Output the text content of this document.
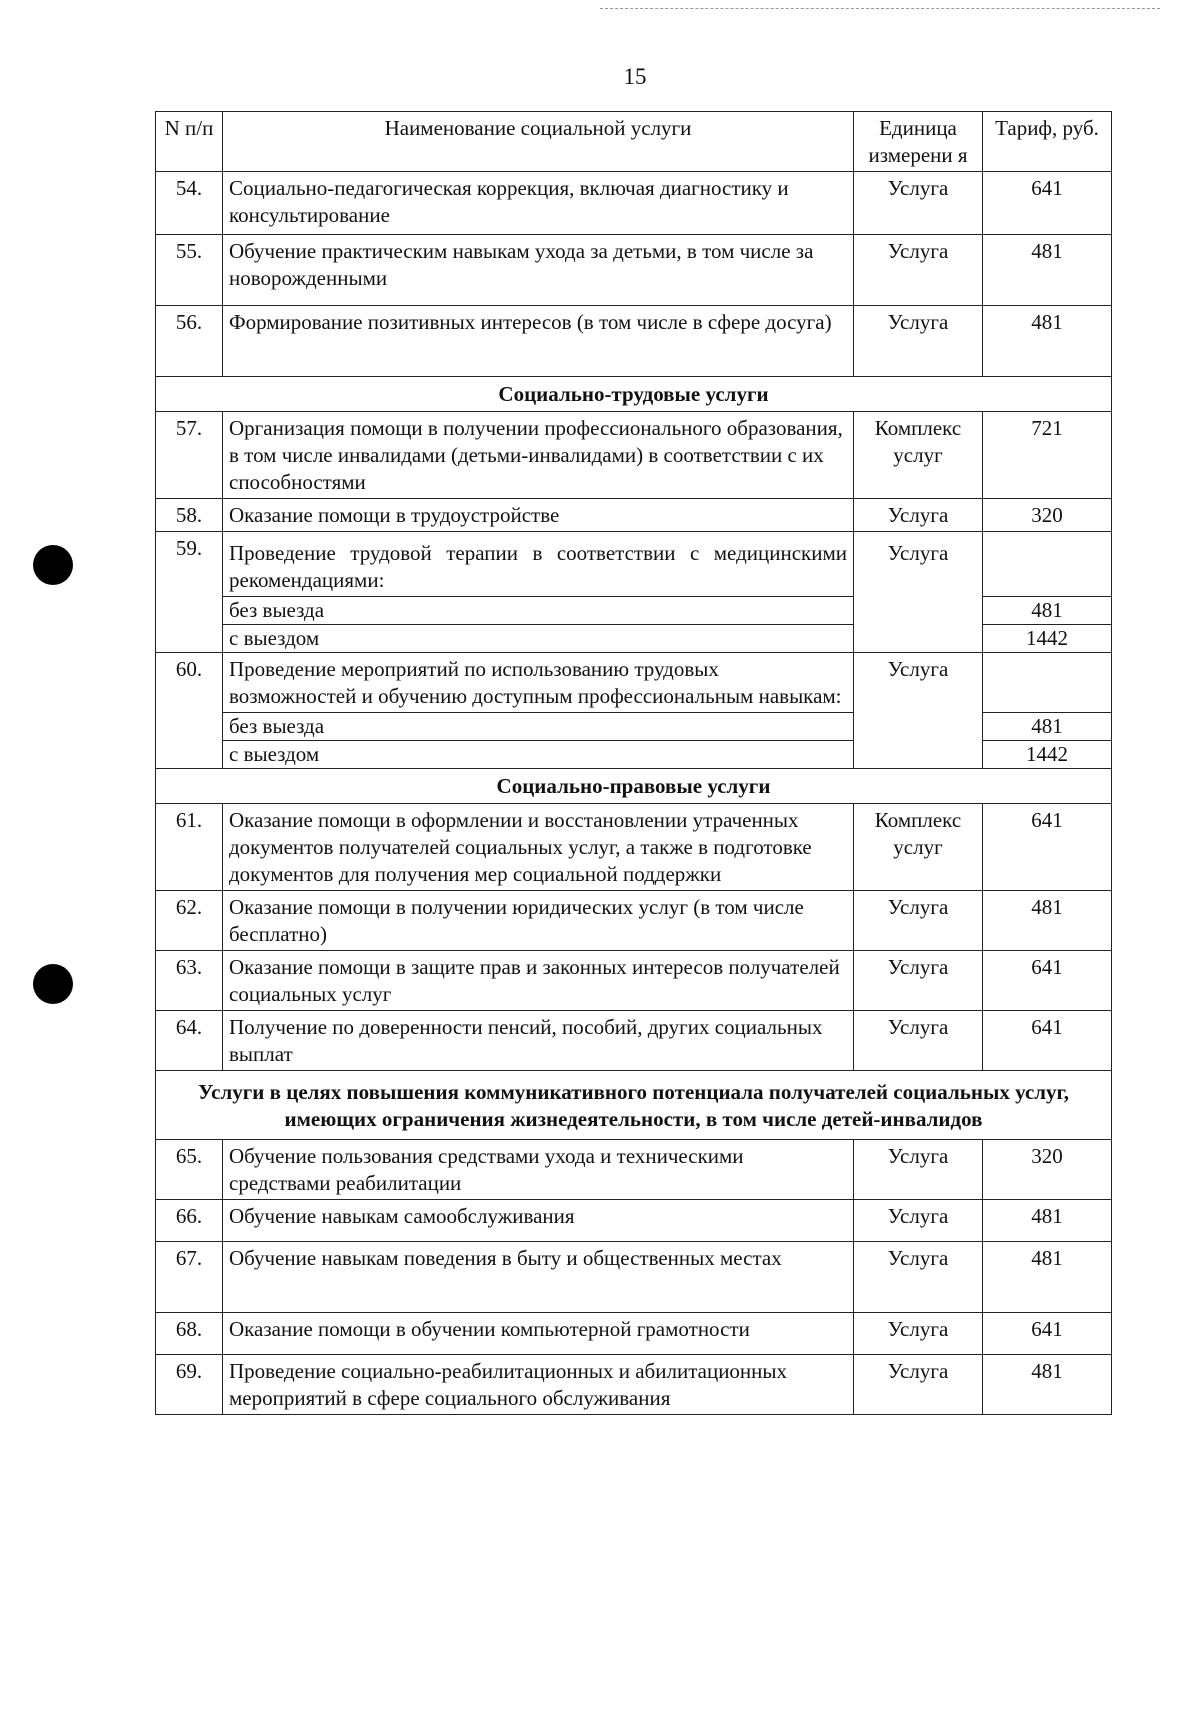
15
N п/п	Наименование социальной услуги	Единица измерени я	Тариф, руб.
54.	Социально-педагогическая коррекция, включая диагностику и консультирование	Услуга	641
55.	Обучение практическим навыкам ухода за детьми, в том числе за новорожденными	Услуга	481
56.	Формирование позитивных интересов (в том числе в сфере досуга)	Услуга	481
Социально-трудовые услуги			
57.	Организация помощи в получении профессионального образования, в том числе инвалидами (детьми-инвалидами) в соответствии с их способностями	Комплекс услуг	721
58.	Оказание помощи в трудоустройстве	Услуга	320
59.	Проведение трудовой терапии в соответствии с медицинскими рекомендациями:	Услуга	
	без выезда		481
	с выездом		1442
60.	Проведение мероприятий по использованию трудовых возможностей и обучению доступным профессиональным навыкам:	Услуга	
	без выезда		481
	с выездом		1442
Социально-правовые услуги			
61.	Оказание помощи в оформлении и восстановлении утраченных документов получателей социальных услуг, а также в подготовке документов для получения мер социальной поддержки	Комплекс услуг	641
62.	Оказание помощи в получении юридических услуг (в том числе бесплатно)	Услуга	481
63.	Оказание помощи в защите прав и законных интересов получателей социальных услуг	Услуга	641
64.	Получение по доверенности пенсий, пособий, других социальных выплат	Услуга	641
Услуги в целях повышения коммуникативного потенциала получателей социальных услуг, имеющих ограничения жизнедеятельности, в том числе детей-инвалидов			
65.	Обучение пользования средствами ухода и техническими средствами реабилитации	Услуга	320
66.	Обучение навыкам самообслуживания	Услуга	481
67.	Обучение навыкам поведения в быту и общественных местах	Услуга	481
68.	Оказание помощи в обучении компьютерной грамотности	Услуга	641
69.	Проведение социально-реабилитационных и абилитационных мероприятий в сфере социального обслуживания	Услуга	481
